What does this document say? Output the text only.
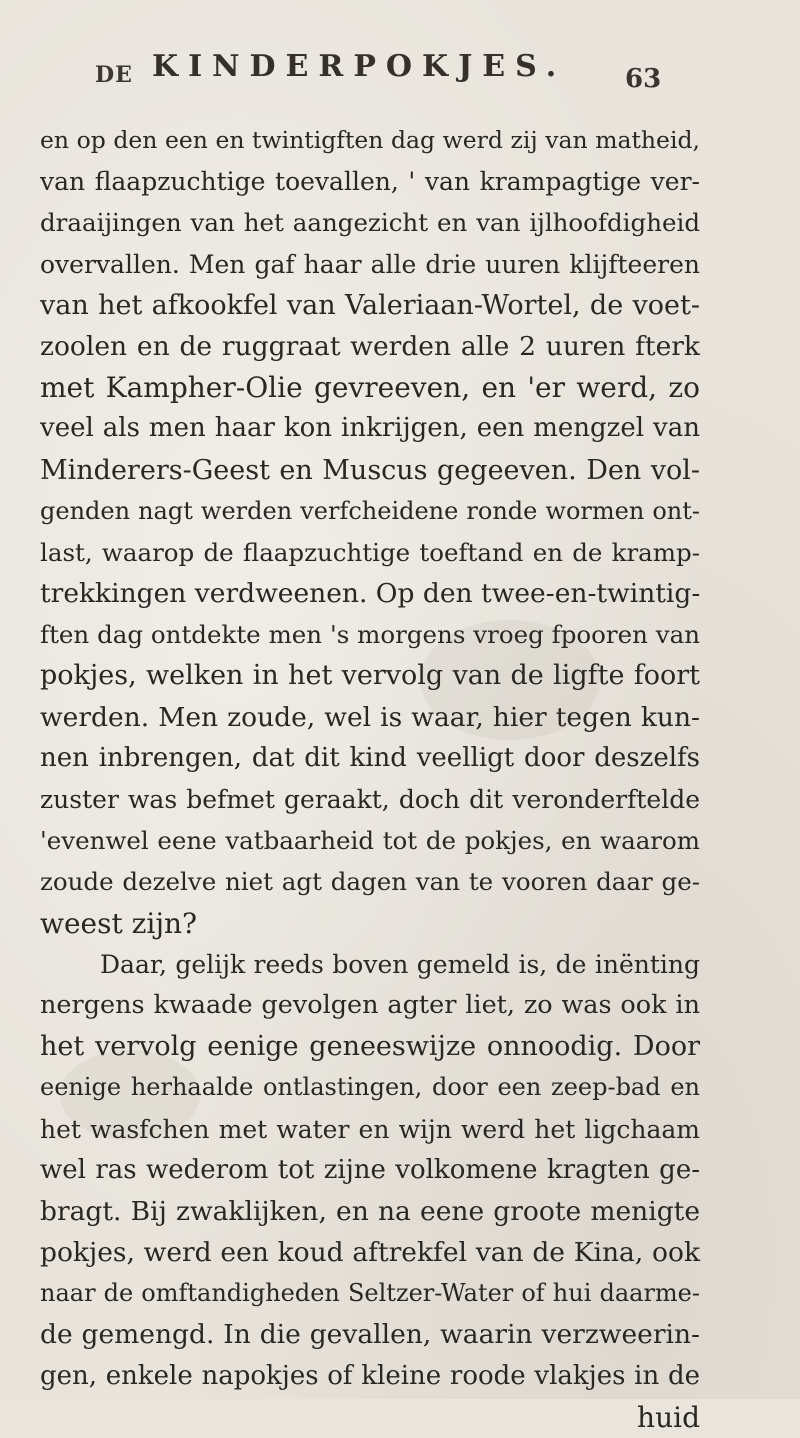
DE KINDERPOKJES. 63
en op den een en twintigften dag werd zij van matheid,
van flaapzuchtige toevallen, ' van krampagtige ver-
draaijingen van het aangezicht en van ijlhoofdigheid
overvallen. Men gaf haar alle drie uuren klijfteeren
van het afkookfel van Valeriaan-Wortel, de voet-
zoolen en de ruggraat werden alle 2 uuren fterk
met Kampher-Olie gevreeven, en 'er werd, zo
veel als men haar kon inkrijgen, een mengzel van
Minderers-Geest en Muscus gegeeven. Den vol-
genden nagt werden verfcheidene ronde wormen ont-
last, waarop de flaapzuchtige toeftand en de kramp-
trekkingen verdweenen. Op den twee-en-twintig-
ften dag ontdekte men 's morgens vroeg fpooren van
pokjes, welken in het vervolg van de ligfte foort
werden. Men zoude, wel is waar, hier tegen kun-
nen inbrengen, dat dit kind veelligt door deszelfs
zuster was befmet geraakt, doch dit veronderftelde
'evenwel eene vatbaarheid tot de pokjes, en waarom
zoude dezelve niet agt dagen van te vooren daar ge-
weest zijn?
Daar, gelijk reeds boven gemeld is, de inënting
nergens kwaade gevolgen agter liet, zo was ook in
het vervolg eenige geneeswijze onnoodig. Door
eenige herhaalde ontlastingen, door een zeep-bad en
het wasfchen met water en wijn werd het ligchaam
wel ras wederom tot zijne volkomene kragten ge-
bragt. Bij zwaklijken, en na eene groote menigte
pokjes, werd een koud aftrekfel van de Kina, ook
naar de omftandigheden Seltzer-Water of hui daarme-
de gemengd. In die gevallen, waarin verzweerin-
gen, enkele napokjes of kleine roode vlakjes in de
huid
